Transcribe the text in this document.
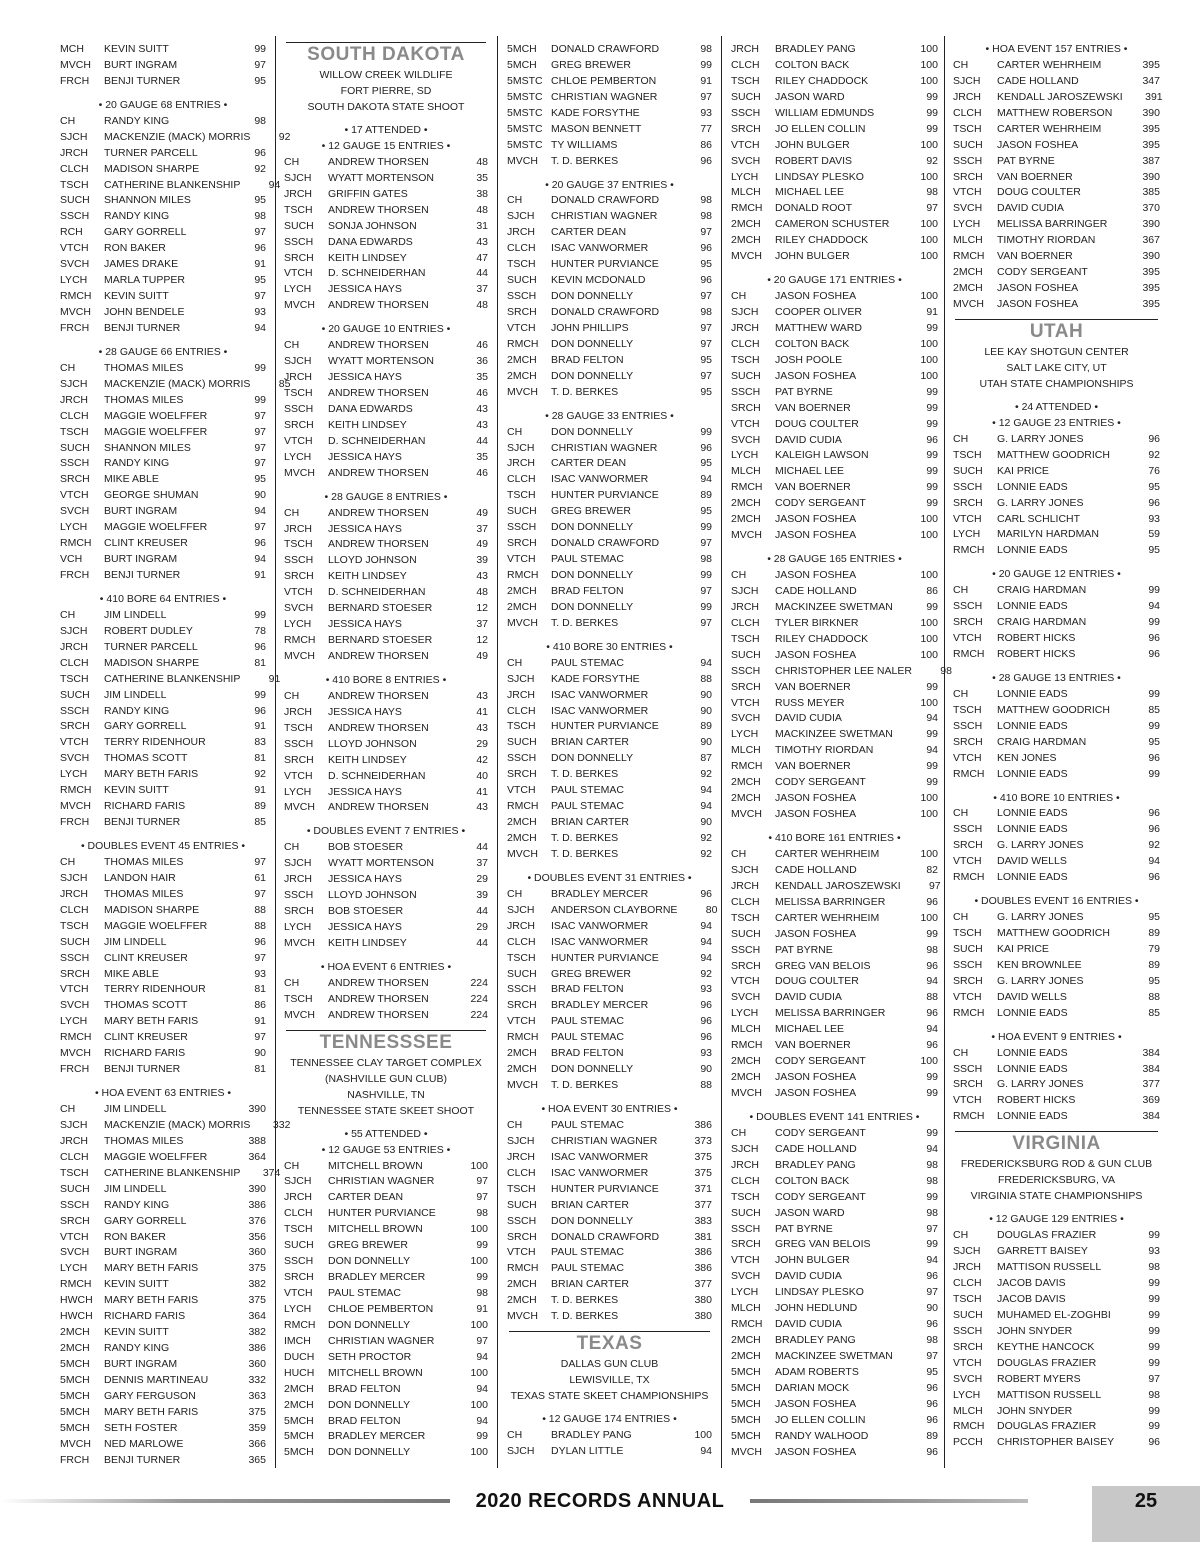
MCH	KEVIN SUITT	99
MVCH	BURT INGRAM	97
FRCH	BENJI TURNER	95
• 20 GAUGE 68 ENTRIES •
CH	RANDY KING	98
SJCH	MACKENZIE (MACK) MORRIS	92
JRCH	TURNER PARCELL	96
CLCH	MADISON SHARPE	92
TSCH	CATHERINE BLANKENSHIP	94
SUCH	SHANNON MILES	95
SSCH	RANDY KING	98
RCH	GARY GORRELL	97
VTCH	RON BAKER	96
SVCH	JAMES DRAKE	91
LYCH	MARLA TUPPER	95
RMCH	KEVIN SUITT	97
MVCH	JOHN BENDELE	93
FRCH	BENJI TURNER	94
• 28 GAUGE 66 ENTRIES •
CH	THOMAS MILES	99
SJCH	MACKENZIE (MACK) MORRIS	85
JRCH	THOMAS MILES	99
CLCH	MAGGIE WOELFFER	97
TSCH	MAGGIE WOELFFER	97
SUCH	SHANNON MILES	97
SSCH	RANDY KING	97
SRCH	MIKE ABLE	95
VTCH	GEORGE SHUMAN	90
SVCH	BURT INGRAM	94
LYCH	MAGGIE WOELFFER	97
RMCH	CLINT KREUSER	96
VCH	BURT INGRAM	94
FRCH	BENJI TURNER	91
• 410 BORE 64 ENTRIES •
CH	JIM LINDELL	99
SJCH	ROBERT DUDLEY	78
JRCH	TURNER PARCELL	96
CLCH	MADISON SHARPE	81
TSCH	CATHERINE BLANKENSHIP	91
SUCH	JIM LINDELL	99
SSCH	RANDY KING	96
SRCH	GARY GORRELL	91
VTCH	TERRY RIDENHOUR	83
SVCH	THOMAS SCOTT	81
LYCH	MARY BETH FARIS	92
RMCH	KEVIN SUITT	91
MVCH	RICHARD FARIS	89
FRCH	BENJI TURNER	85
• DOUBLES EVENT 45 ENTRIES •
CH	THOMAS MILES	97
SJCH	LANDON HAIR	61
JRCH	THOMAS MILES	97
CLCH	MADISON SHARPE	88
TSCH	MAGGIE WOELFFER	88
SUCH	JIM LINDELL	96
SSCH	CLINT KREUSER	97
SRCH	MIKE ABLE	93
VTCH	TERRY RIDENHOUR	81
SVCH	THOMAS SCOTT	86
LYCH	MARY BETH FARIS	91
RMCH	CLINT KREUSER	97
MVCH	RICHARD FARIS	90
FRCH	BENJI TURNER	81
• HOA EVENT 63 ENTRIES •
CH	JIM LINDELL	390
SJCH	MACKENZIE (MACK) MORRIS	332
JRCH	THOMAS MILES	388
CLCH	MAGGIE WOELFFER	364
TSCH	CATHERINE BLANKENSHIP	374
SUCH	JIM LINDELL	390
SSCH	RANDY KING	386
SRCH	GARY GORRELL	376
VTCH	RON BAKER	356
SVCH	BURT INGRAM	360
LYCH	MARY BETH FARIS	375
RMCH	KEVIN SUITT	382
HWCH	MARY BETH FARIS	375
HWCH	RICHARD FARIS	364
2MCH	KEVIN SUITT	382
2MCH	RANDY KING	386
5MCH	BURT INGRAM	360
5MCH	DENNIS MARTINEAU	332
5MCH	GARY FERGUSON	363
5MCH	MARY BETH FARIS	375
5MCH	SETH FOSTER	359
MVCH	NED MARLOWE	366
FRCH	BENJI TURNER	365
SOUTH DAKOTA
WILLOW CREEK WILDLIFE
FORT PIERRE, SD
SOUTH DAKOTA STATE SHOOT
• 17 ATTENDED •
• 12 GAUGE 15 ENTRIES •
CH	ANDREW THORSEN	48
SJCH	WYATT MORTENSON	35
JRCH	GRIFFIN GATES	38
TSCH	ANDREW THORSEN	48
SUCH	SONJA JOHNSON	31
SSCH	DANA EDWARDS	43
SRCH	KEITH LINDSEY	47
VTCH	D. SCHNEIDERHAN	44
LYCH	JESSICA HAYS	37
MVCH	ANDREW THORSEN	48
• 20 GAUGE 10 ENTRIES •
CH	ANDREW THORSEN	46
SJCH	WYATT MORTENSON	36
JRCH	JESSICA HAYS	35
TSCH	ANDREW THORSEN	46
SSCH	DANA EDWARDS	43
SRCH	KEITH LINDSEY	43
VTCH	D. SCHNEIDERHAN	44
LYCH	JESSICA HAYS	35
MVCH	ANDREW THORSEN	46
• 28 GAUGE 8 ENTRIES •
CH	ANDREW THORSEN	49
JRCH	JESSICA HAYS	37
TSCH	ANDREW THORSEN	49
SSCH	LLOYD JOHNSON	39
SRCH	KEITH LINDSEY	43
VTCH	D. SCHNEIDERHAN	48
SVCH	BERNARD STOESER	12
LYCH	JESSICA HAYS	37
RMCH	BERNARD STOESER	12
MVCH	ANDREW THORSEN	49
• 410 BORE 8 ENTRIES •
CH	ANDREW THORSEN	43
JRCH	JESSICA HAYS	41
TSCH	ANDREW THORSEN	43
SSCH	LLOYD JOHNSON	29
SRCH	KEITH LINDSEY	42
VTCH	D. SCHNEIDERHAN	40
LYCH	JESSICA HAYS	41
MVCH	ANDREW THORSEN	43
• DOUBLES EVENT 7 ENTRIES •
CH	BOB STOESER	44
SJCH	WYATT MORTENSON	37
JRCH	JESSICA HAYS	29
SSCH	LLOYD JOHNSON	39
SRCH	BOB STOESER	44
LYCH	JESSICA HAYS	29
MVCH	KEITH LINDSEY	44
• HOA EVENT 6 ENTRIES •
CH	ANDREW THORSEN	224
TSCH	ANDREW THORSEN	224
MVCH	ANDREW THORSEN	224
TENNESSSEE
TENNESSEE CLAY TARGET COMPLEX
(NASHVILLE GUN CLUB)
NASHVILLE, TN
TENNESSEE STATE SKEET SHOOT
• 55 ATTENDED •
• 12 GAUGE 53 ENTRIES •
CH	MITCHELL BROWN	100
SJCH	CHRISTIAN WAGNER	97
JRCH	CARTER DEAN	97
CLCH	HUNTER PURVIANCE	98
TSCH	MITCHELL BROWN	100
SUCH	GREG BREWER	99
SSCH	DON DONNELLY	100
SRCH	BRADLEY MERCER	99
VTCH	PAUL STEMAC	98
LYCH	CHLOE PEMBERTON	91
RMCH	DON DONNELLY	100
IMCH	CHRISTIAN WAGNER	97
DUCH	SETH PROCTOR	94
HUCH	MITCHELL BROWN	100
2MCH	BRAD FELTON	94
2MCH	DON DONNELLY	100
5MCH	BRAD FELTON	94
5MCH	BRADLEY MERCER	99
5MCH	DON DONNELLY	100
5MCH	DONALD CRAWFORD	98
5MCH	GREG BREWER	99
5MSTC CHLOE PEMBERTON	91
5MSTC CHRISTIAN WAGNER	97
5MSTC KADE FORSYTHE	93
5MSTC MASON BENNETT	77
5MSTC TY WILLIAMS	86
MVCH	T. D. BERKES	96
• 20 GAUGE 37 ENTRIES •
CH	DONALD CRAWFORD	98
SJCH	CHRISTIAN WAGNER	98
JRCH	CARTER DEAN	97
CLCH	ISAC VANWORMER	96
TSCH	HUNTER PURVIANCE	95
SUCH	KEVIN MCDONALD	96
SSCH	DON DONNELLY	97
SRCH	DONALD CRAWFORD	98
VTCH	JOHN PHILLIPS	97
RMCH	DON DONNELLY	97
2MCH	BRAD FELTON	95
2MCH	DON DONNELLY	97
MVCH	T. D. BERKES	95
• 28 GAUGE 33 ENTRIES •
CH	DON DONNELLY	99
SJCH	CHRISTIAN WAGNER	96
JRCH	CARTER DEAN	95
CLCH	ISAC VANWORMER	94
TSCH	HUNTER PURVIANCE	89
SUCH	GREG BREWER	95
SSCH	DON DONNELLY	99
SRCH	DONALD CRAWFORD	97
VTCH	PAUL STEMAC	98
RMCH	DON DONNELLY	99
2MCH	BRAD FELTON	97
2MCH	DON DONNELLY	99
MVCH	T. D. BERKES	97
• 410 BORE 30 ENTRIES •
CH	PAUL STEMAC	94
SJCH	KADE FORSYTHE	88
JRCH	ISAC VANWORMER	90
CLCH	ISAC VANWORMER	90
TSCH	HUNTER PURVIANCE	89
SUCH	BRIAN CARTER	90
SSCH	DON DONNELLY	87
SRCH	T. D. BERKES	92
VTCH	PAUL STEMAC	94
RMCH	PAUL STEMAC	94
2MCH	BRIAN CARTER	90
2MCH	T. D. BERKES	92
MVCH	T. D. BERKES	92
• DOUBLES EVENT 31 ENTRIES •
CH	BRADLEY MERCER	96
SJCH	ANDERSON CLAYBORNE	80
JRCH	ISAC VANWORMER	94
CLCH	ISAC VANWORMER	94
TSCH	HUNTER PURVIANCE	94
SUCH	GREG BREWER	92
SSCH	BRAD FELTON	93
SRCH	BRADLEY MERCER	96
VTCH	PAUL STEMAC	96
RMCH	PAUL STEMAC	96
2MCH	BRAD FELTON	93
2MCH	DON DONNELLY	90
MVCH	T. D. BERKES	88
• HOA EVENT 30 ENTRIES •
CH	PAUL STEMAC	386
SJCH	CHRISTIAN WAGNER	373
JRCH	ISAC VANWORMER	375
CLCH	ISAC VANWORMER	375
TSCH	HUNTER PURVIANCE	371
SUCH	BRIAN CARTER	377
SSCH	DON DONNELLY	383
SRCH	DONALD CRAWFORD	381
VTCH	PAUL STEMAC	386
RMCH	PAUL STEMAC	386
2MCH	BRIAN CARTER	377
2MCH	T. D. BERKES	380
MVCH	T. D. BERKES	380
TEXAS
DALLAS GUN CLUB
LEWISVILLE, TX
TEXAS STATE SKEET CHAMPIONSHIPS
• 12 GAUGE 174 ENTRIES •
CH	BRADLEY PANG	100
SJCH	DYLAN LITTLE	94
JRCH	BRADLEY PANG	100
CLCH	COLTON BACK	100
TSCH	RILEY CHADDOCK	100
SUCH	JASON WARD	99
SSCH	WILLIAM EDMUNDS	99
SRCH	JO ELLEN COLLIN	99
VTCH	JOHN BULGER	100
SVCH	ROBERT DAVIS	92
LYCH	LINDSAY PLESKO	100
MLCH	MICHAEL LEE	98
RMCH	DONALD ROOT	97
2MCH	CAMERON SCHUSTER	100
2MCH	RILEY CHADDOCK	100
MVCH	JOHN BULGER	100
• 20 GAUGE 171 ENTRIES •
CH	JASON FOSHEA	100
SJCH	COOPER OLIVER	91
JRCH	MATTHEW WARD	99
CLCH	COLTON BACK	100
TSCH	JOSH POOLE	100
SUCH	JASON FOSHEA	100
SSCH	PAT BYRNE	99
SRCH	VAN BOERNER	99
VTCH	DOUG COULTER	99
SVCH	DAVID CUDIA	96
LYCH	KALEIGH LAWSON	99
MLCH	MICHAEL LEE	99
RMCH	VAN BOERNER	99
2MCH	CODY SERGEANT	99
2MCH	JASON FOSHEA	100
MVCH	JASON FOSHEA	100
• 28 GAUGE 165 ENTRIES •
CH	JASON FOSHEA	100
SJCH	CADE HOLLAND	86
JRCH	MACKINZEE SWETMAN	99
CLCH	TYLER BIRKNER	100
TSCH	RILEY CHADDOCK	100
SUCH	JASON FOSHEA	100
SSCH	CHRISTOPHER LEE NALER	98
SRCH	VAN BOERNER	99
VTCH	RUSS MEYER	100
SVCH	DAVID CUDIA	94
LYCH	MACKINZEE SWETMAN	99
MLCH	TIMOTHY RIORDAN	94
RMCH	VAN BOERNER	99
2MCH	CODY SERGEANT	99
2MCH	JASON FOSHEA	100
MVCH	JASON FOSHEA	100
• 410 BORE 161 ENTRIES •
CH	CARTER WEHRHEIM	100
SJCH	CADE HOLLAND	82
JRCH	KENDALL JAROSZEWSKI	97
CLCH	MELISSA BARRINGER	96
TSCH	CARTER WEHRHEIM	100
SUCH	JASON FOSHEA	99
SSCH	PAT BYRNE	98
SRCH	GREG VAN BELOIS	96
VTCH	DOUG COULTER	94
SVCH	DAVID CUDIA	88
LYCH	MELISSA BARRINGER	96
MLCH	MICHAEL LEE	94
RMCH	VAN BOERNER	96
2MCH	CODY SERGEANT	100
2MCH	JASON FOSHEA	99
MVCH	JASON FOSHEA	99
• DOUBLES EVENT 141 ENTRIES •
CH	CODY SERGEANT	99
SJCH	CADE HOLLAND	94
JRCH	BRADLEY PANG	98
CLCH	COLTON BACK	98
TSCH	CODY SERGEANT	99
SUCH	JASON WARD	98
SSCH	PAT BYRNE	97
SRCH	GREG VAN BELOIS	99
VTCH	JOHN BULGER	94
SVCH	DAVID CUDIA	96
LYCH	LINDSAY PLESKO	97
MLCH	JOHN HEDLUND	90
RMCH	DAVID CUDIA	96
2MCH	BRADLEY PANG	98
2MCH	MACKINZEE SWETMAN	97
5MCH	ADAM ROBERTS	95
5MCH	DARIAN MOCK	96
5MCH	JASON FOSHEA	96
5MCH	JO ELLEN COLLIN	96
5MCH	RANDY WALHOOD	89
MVCH	JASON FOSHEA	96
• HOA EVENT 157 ENTRIES •
CH	CARTER WEHRHEIM	395
SJCH	CADE HOLLAND	347
JRCH	KENDALL JAROSZEWSKI	391
CLCH	MATTHEW ROBERSON	390
TSCH	CARTER WEHRHEIM	395
SUCH	JASON FOSHEA	395
SSCH	PAT BYRNE	387
SRCH	VAN BOERNER	390
VTCH	DOUG COULTER	385
SVCH	DAVID CUDIA	370
LYCH	MELISSA BARRINGER	390
MLCH	TIMOTHY RIORDAN	367
RMCH	VAN BOERNER	390
2MCH	CODY SERGEANT	395
2MCH	JASON FOSHEA	395
MVCH	JASON FOSHEA	395
UTAH
LEE KAY SHOTGUN CENTER
SALT LAKE CITY, UT
UTAH STATE CHAMPIONSHIPS
• 24 ATTENDED •
• 12 GAUGE 23 ENTRIES •
CH	G. LARRY JONES	96
TSCH	MATTHEW GOODRICH	92
SUCH	KAI PRICE	76
SSCH	LONNIE EADS	95
SRCH	G. LARRY JONES	96
VTCH	CARL SCHLICHT	93
LYCH	MARILYN HARDMAN	59
RMCH	LONNIE EADS	95
• 20 GAUGE 12 ENTRIES •
CH	CRAIG HARDMAN	99
SSCH	LONNIE EADS	94
SRCH	CRAIG HARDMAN	99
VTCH	ROBERT HICKS	96
RMCH	ROBERT HICKS	96
• 28 GAUGE 13 ENTRIES •
CH	LONNIE EADS	99
TSCH	MATTHEW GOODRICH	85
SSCH	LONNIE EADS	99
SRCH	CRAIG HARDMAN	95
VTCH	KEN JONES	96
RMCH	LONNIE EADS	99
• 410 BORE 10 ENTRIES •
CH	LONNIE EADS	96
SSCH	LONNIE EADS	96
SRCH	G. LARRY JONES	92
VTCH	DAVID WELLS	94
RMCH	LONNIE EADS	96
• DOUBLES EVENT 16 ENTRIES •
CH	G. LARRY JONES	95
TSCH	MATTHEW GOODRICH	89
SUCH	KAI PRICE	79
SSCH	KEN BROWNLEE	89
SRCH	G. LARRY JONES	95
VTCH	DAVID WELLS	88
RMCH	LONNIE EADS	85
• HOA EVENT 9 ENTRIES •
CH	LONNIE EADS	384
SSCH	LONNIE EADS	384
SRCH	G. LARRY JONES	377
VTCH	ROBERT HICKS	369
RMCH	LONNIE EADS	384
VIRGINIA
FREDERICKSBURG ROD & GUN CLUB
FREDERICKSBURG, VA
VIRGINIA STATE CHAMPIONSHIPS
• 12 GAUGE 129 ENTRIES •
CH	DOUGLAS FRAZIER	99
SJCH	GARRETT BAISEY	93
JRCH	MATTISON RUSSELL	98
CLCH	JACOB DAVIS	99
TSCH	JACOB DAVIS	99
SUCH	MUHAMED EL-ZOGHBI	99
SSCH	JOHN SNYDER	99
SRCH	KEYTHE HANCOCK	99
VTCH	DOUGLAS FRAZIER	99
SVCH	ROBERT MYERS	97
LYCH	MATTISON RUSSELL	98
MLCH	JOHN SNYDER	99
RMCH	DOUGLAS FRAZIER	99
PCCH	CHRISTOPHER BAISEY	96
2020 RECORDS ANNUAL	25
